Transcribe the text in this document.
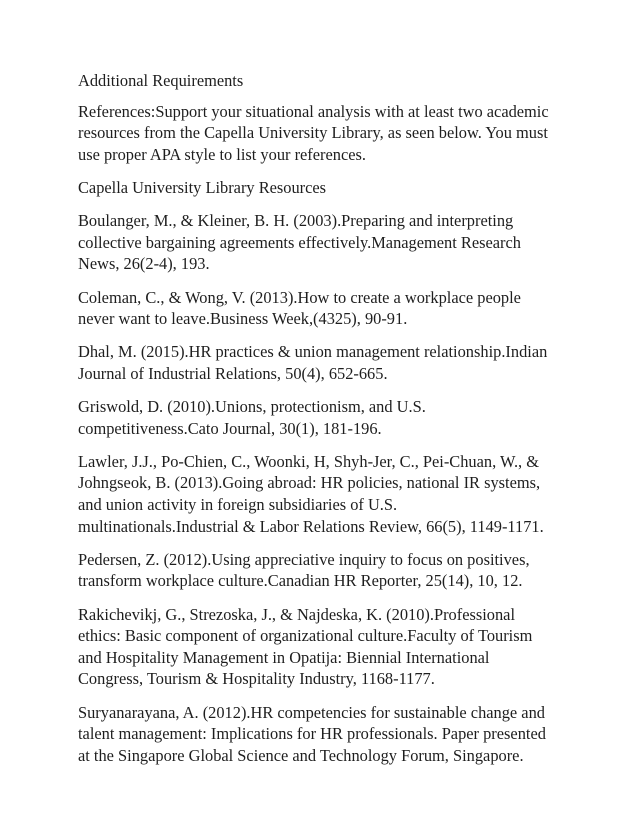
Additional Requirements

References:Support your situational analysis with at least two academic
resources from the Capella University Library, as seen below. You must
use proper APA style to list your references.

Capella University Library Resources

Boulanger, M., & Kleiner, B. H. (2003).Preparing and interpreting
collective bargaining agreements effectively.Management Research
News, 26(2-4), 193.

Coleman, C., & Wong, V. (2013).How to create a workplace people
never want to leave.Business Week,(4325), 90-91.

Dhal, M. (2015).HR practices & union management relationship.Indian
Journal of Industrial Relations, 50(4), 652-665.

Griswold, D. (2010).Unions, protectionism, and U.S.
competitiveness.Cato Journal, 30(1), 181-196.

Lawler, J.J., Po-Chien, C., Woonki, H, Shyh-Jer, C., Pei-Chuan, W., &
Johngseok, B. (2013).Going abroad: HR policies, national IR systems,
and union activity in foreign subsidiaries of U.S.
multinationals.Industrial & Labor Relations Review, 66(5), 1149-1171.

Pedersen, Z. (2012).Using appreciative inquiry to focus on positives,
transform workplace culture.Canadian HR Reporter, 25(14), 10, 12.

Rakichevikj, G., Strezoska, J., & Najdeska, K. (2010).Professional
ethics: Basic component of organizational culture.Faculty of Tourism
and Hospitality Management in Opatija: Biennial International
Congress, Tourism & Hospitality Industry, 1168-1177.

Suryanarayana, A. (2012).HR competencies for sustainable change and
talent management: Implications for HR professionals. Paper presented
at the Singapore Global Science and Technology Forum, Singapore.
